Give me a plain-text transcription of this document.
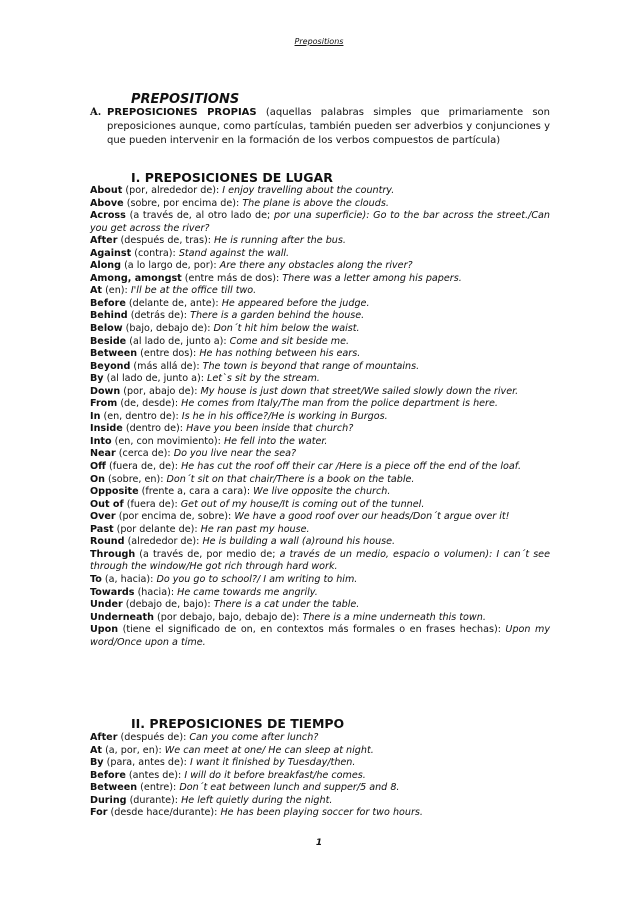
Prepositions
PREPOSITIONS
A. PREPOSICIONES PROPIAS (aquellas palabras simples que primariamente son preposiciones aunque, como partículas, también pueden ser adverbios y conjunciones y que pueden intervenir en la formación de los verbos compuestos de partícula)
I. PREPOSICIONES DE LUGAR
About (por, alrededor de): I enjoy travelling about the country.
Above (sobre, por encima de): The plane is above the clouds.
Across (a través de, al otro lado de; por una superficie): Go to the bar across the street./Can you get across the river?
After (después de, tras): He is running after the bus.
Against (contra): Stand against the wall.
Along (a lo largo de, por): Are there any obstacles along the river?
Among, amongst (entre más de dos): There was a letter among his papers.
At (en): I'll be at the office till two.
Before (delante de, ante): He appeared before the judge.
Behind (detrás de): There is a garden behind the house.
Below (bajo, debajo de): Don´t hit him below the waist.
Beside (al lado de, junto a): Come and sit beside me.
Between (entre dos): He has nothing between his ears.
Beyond (más allá de): The town is beyond that range of mountains.
By (al lado de, junto a): Let`s sit by the stream.
Down (por, abajo de): My house is just down that street/We sailed slowly down the river.
From (de, desde): He comes from Italy/The man from the police department is here.
In (en, dentro de): Is he in his office?/He is working in Burgos.
Inside (dentro de): Have you been inside that church?
Into (en, con movimiento): He fell into the water.
Near (cerca de): Do you live near the sea?
Off (fuera de, de): He has cut the roof off their car /Here is a piece off the end of the loaf.
On (sobre, en): Don´t sit on that chair/There is a book on the table.
Opposite (frente a, cara a cara): We live opposite the church.
Out of (fuera de): Get out of my house/It is coming out of the tunnel.
Over (por encima de, sobre): We have a good roof over our heads/Don´t argue over it!
Past (por delante de): He ran past my house.
Round (alrededor de): He is building a wall (a)round his house.
Through (a través de, por medio de; a través de un medio, espacio o volumen): I can´t see through the window/He got rich through hard work.
To (a, hacia): Do you go to school?/ I am writing to him.
Towards (hacia): He came towards me angrily.
Under (debajo de, bajo): There is a cat under the table.
Underneath (por debajo, bajo, debajo de): There is a mine underneath this town.
Upon (tiene el significado de on, en contextos más formales o en frases hechas): Upon my word/Once upon a time.
II. PREPOSICIONES DE TIEMPO
After (después de): Can you come after lunch?
At (a, por, en): We can meet at one/ He can sleep at night.
By (para, antes de): I want it finished by Tuesday/then.
Before (antes de): I will do it before breakfast/he comes.
Between (entre): Don´t eat between lunch and supper/5 and 8.
During (durante): He left quietly during the night.
For (desde hace/durante): He has been playing soccer for two hours.
1
